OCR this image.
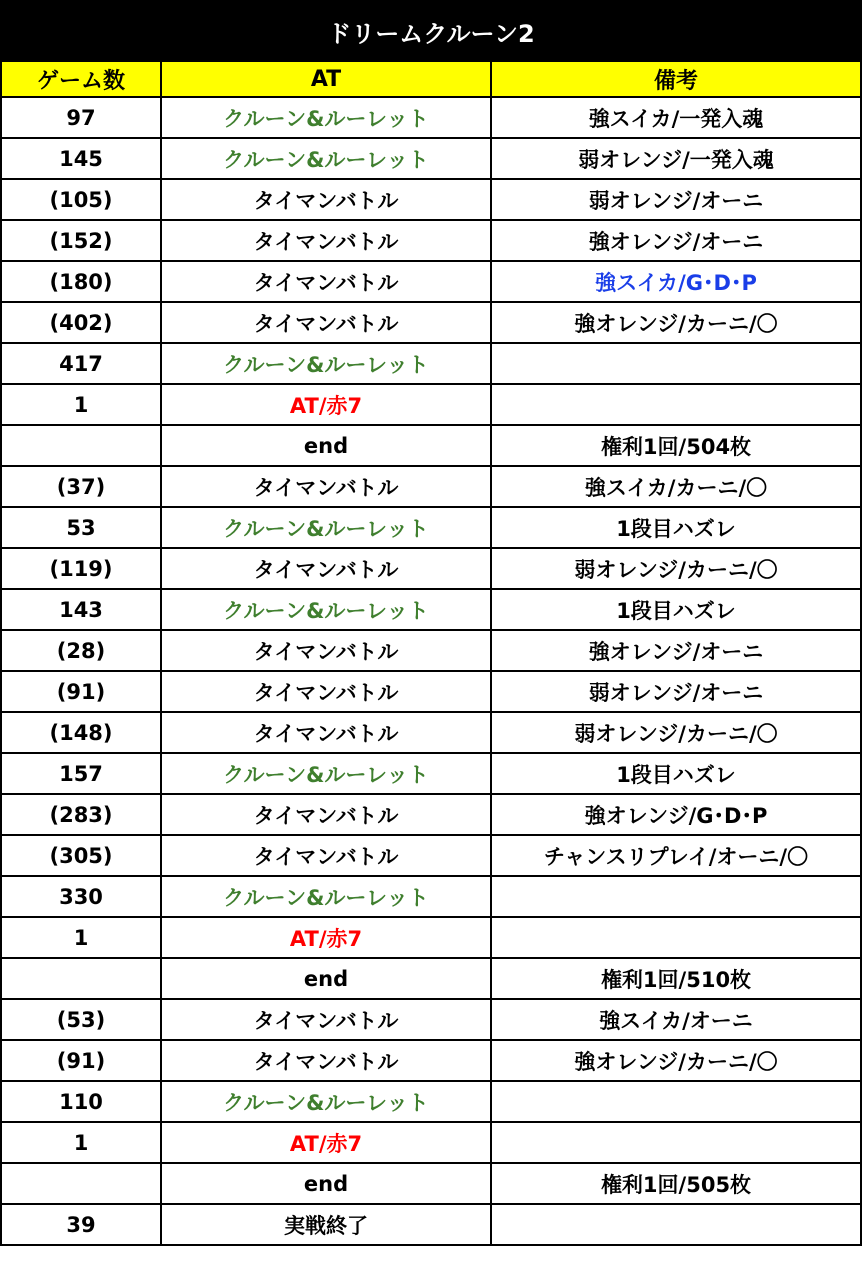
ドリームクルーン2		
ゲーム数	AT	備考
97	クルーン&ルーレット	強スイカ/一発入魂
145	クルーン&ルーレット	弱オレンジ/一発入魂
(105)	タイマンバトル	弱オレンジ/オーニ
(152)	タイマンバトル	強オレンジ/オーニ
(180)	タイマンバトル	強スイカ/G･D･P
(402)	タイマンバトル	強オレンジ/カーニ/〇
417	クルーン&ルーレット	
1	AT/赤7	
	end	権利1回/504枚
(37)	タイマンバトル	強スイカ/カーニ/〇
53	クルーン&ルーレット	1段目ハズレ
(119)	タイマンバトル	弱オレンジ/カーニ/〇
143	クルーン&ルーレット	1段目ハズレ
(28)	タイマンバトル	強オレンジ/オーニ
(91)	タイマンバトル	弱オレンジ/オーニ
(148)	タイマンバトル	弱オレンジ/カーニ/〇
157	クルーン&ルーレット	1段目ハズレ
(283)	タイマンバトル	強オレンジ/G･D･P
(305)	タイマンバトル	チャンスリプレイ/オーニ/〇
330	クルーン&ルーレット	
1	AT/赤7	
	end	権利1回/510枚
(53)	タイマンバトル	強スイカ/オーニ
(91)	タイマンバトル	強オレンジ/カーニ/〇
110	クルーン&ルーレット	
1	AT/赤7	
	end	権利1回/505枚
39	実戦終了	
